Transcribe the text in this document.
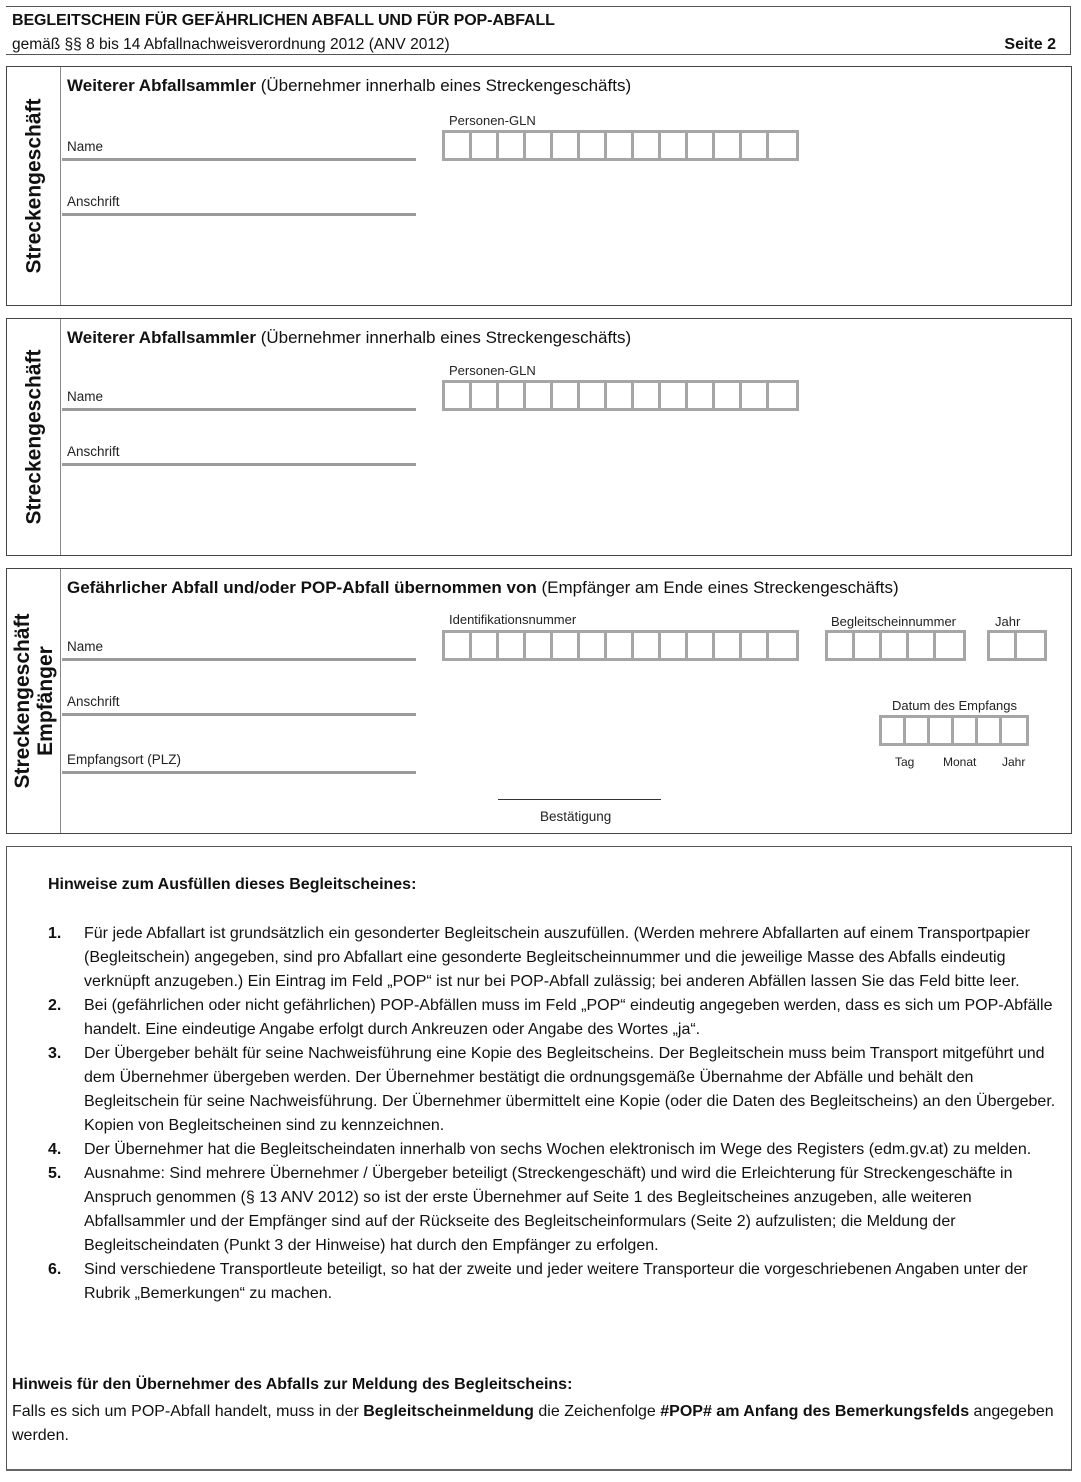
BEGLEITSCHEIN FÜR GEFÄHRLICHEN ABFALL UND FÜR POP-ABFALL
gemäß §§ 8 bis 14 Abfallnachweisverordnung 2012 (ANV 2012)	Seite 2
Streckengeschäft
Weiterer Abfallsammler (Übernehmer innerhalb eines Streckengeschäfts)
Name
Anschrift
Personen-GLN
Streckengeschäft
Weiterer Abfallsammler (Übernehmer innerhalb eines Streckengeschäfts)
Name
Anschrift
Personen-GLN
Streckengeschäft
Empfänger
Gefährlicher Abfall und/oder POP-Abfall übernommen von (Empfänger am Ende eines Streckengeschäfts)
Name
Anschrift
Empfangsort (PLZ)
Identifikationsnummer	Begleitscheinnummer	Jahr
Datum des Empfangs
Tag Monat Jahr
Bestätigung
Hinweise zum Ausfüllen dieses Begleitscheines:
1. Für jede Abfallart ist grundsätzlich ein gesonderter Begleitschein auszufüllen. (Werden mehrere Abfallarten auf einem Transportpapier (Begleitschein) angegeben, sind pro Abfallart eine gesonderte Begleitscheinnummer und die jeweilige Masse des Abfalls eindeutig verknüpft anzugeben.) Ein Eintrag im Feld „POP“ ist nur bei POP-Abfall zulässig; bei anderen Abfällen lassen Sie das Feld bitte leer.
2. Bei (gefährlichen oder nicht gefährlichen) POP-Abfällen muss im Feld „POP“ eindeutig angegeben werden, dass es sich um POP-Abfälle handelt. Eine eindeutige Angabe erfolgt durch Ankreuzen oder Angabe des Wortes „ja“.
3. Der Übergeber behält für seine Nachweisführung eine Kopie des Begleitscheins. Der Begleitschein muss beim Transport mitgeführt und dem Übernehmer übergeben werden. Der Übernehmer bestätigt die ordnungsgemäße Übernahme der Abfälle und behält den Begleitschein für seine Nachweisführung. Der Übernehmer übermittelt eine Kopie (oder die Daten des Begleitscheins) an den Übergeber. Kopien von Begleitscheinen sind zu kennzeichnen.
4. Der Übernehmer hat die Begleitscheindaten innerhalb von sechs Wochen elektronisch im Wege des Registers (edm.gv.at) zu melden.
5. Ausnahme: Sind mehrere Übernehmer / Übergeber beteiligt (Streckengeschäft) und wird die Erleichterung für Streckengeschäfte in Anspruch genommen (§ 13 ANV 2012) so ist der erste Übernehmer auf Seite 1 des Begleitscheines anzugeben, alle weiteren Abfallsammler und der Empfänger sind auf der Rückseite des Begleitscheinformulars (Seite 2) aufzulisten; die Meldung der Begleitscheindaten (Punkt 3 der Hinweise) hat durch den Empfänger zu erfolgen.
6. Sind verschiedene Transportleute beteiligt, so hat der zweite und jeder weitere Transporteur die vorgeschriebenen Angaben unter der Rubrik „Bemerkungen“ zu machen.
Hinweis für den Übernehmer des Abfalls zur Meldung des Begleitscheins:
Falls es sich um POP-Abfall handelt, muss in der Begleitscheinmeldung die Zeichenfolge #POP# am Anfang des Bemerkungsfelds angegeben werden.
